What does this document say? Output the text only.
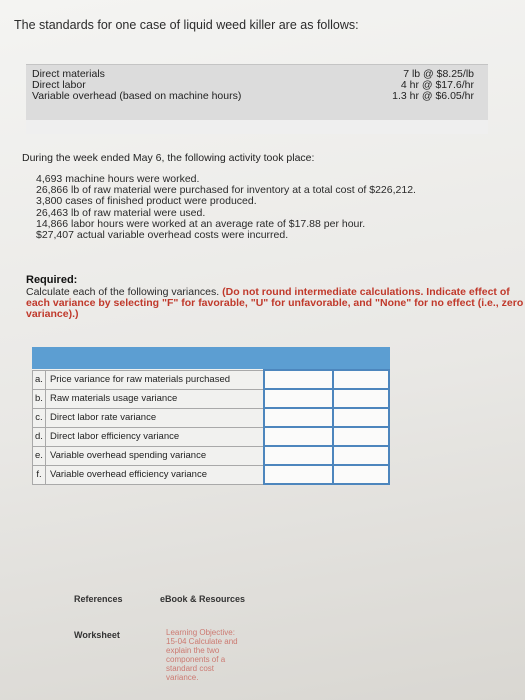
The standards for one case of liquid weed killer are as follows:
Direct materials	7 lb @ $8.25/lb
Direct labor	4 hr @ $17.6/hr
Variable overhead (based on machine hours)	1.3 hr @ $6.05/hr
During the week ended May 6, the following activity took place:
4,693 machine hours were worked.
26,866 lb of raw material were purchased for inventory at a total cost of $226,212.
3,800 cases of finished product were produced.
26,463 lb of raw material were used.
14,866 labor hours were worked at an average rate of $17.88 per hour.
$27,407 actual variable overhead costs were incurred.
Required:
Calculate each of the following variances. (Do not round intermediate calculations. Indicate effect of each variance by selecting "F" for favorable, "U" for unfavorable, and "None" for no effect (i.e., zero variance).)
a.	Price variance for raw materials purchased		
b.	Raw materials usage variance		
c.	Direct labor rate variance		
d.	Direct labor efficiency variance		
e.	Variable overhead spending variance		
f.	Variable overhead efficiency variance		
References	eBook & Resources
Worksheet	Learning Objective: 15-04 Calculate and explain the two components of a standard cost variance.
